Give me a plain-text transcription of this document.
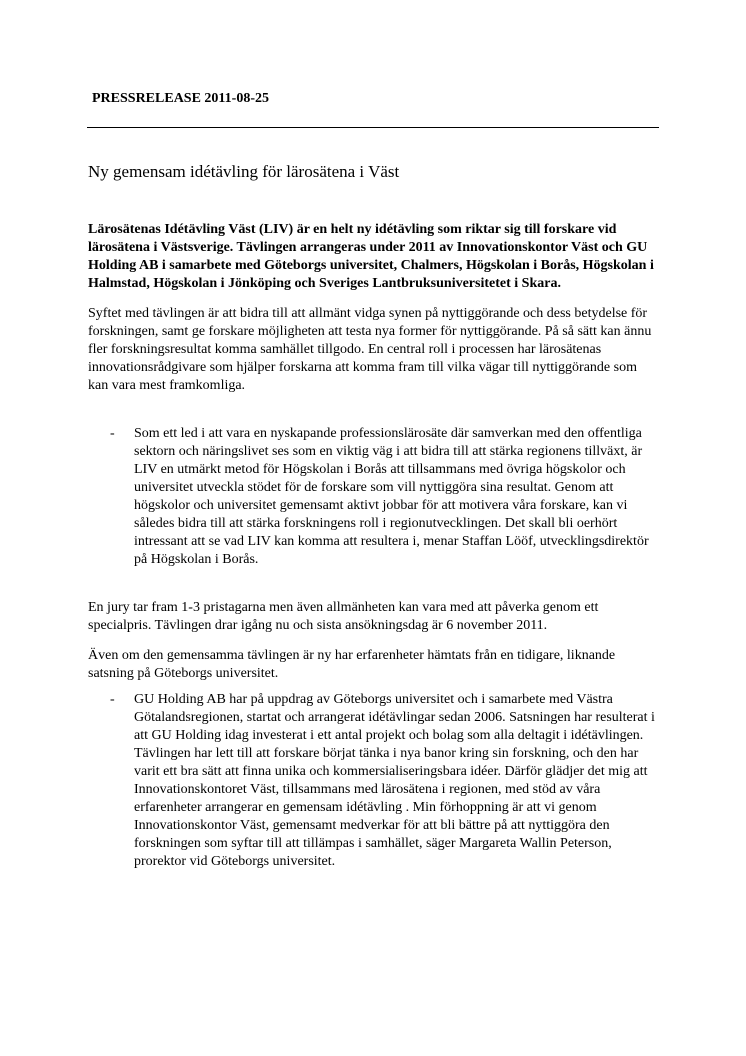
PRESSRELEASE 2011-08-25
Ny gemensam idétävling för lärosätena i Väst

Lärosätenas Idétävling Väst (LIV) är en helt ny idétävling som riktar sig till forskare vid lärosätena i Västsverige. Tävlingen arrangeras under 2011 av Innovationskontor Väst och GU Holding AB i samarbete med Göteborgs universitet, Chalmers, Högskolan i Borås, Högskolan i Halmstad, Högskolan i Jönköping och Sveriges Lantbruksuniversitetet i Skara.

Syftet med tävlingen är att bidra till att allmänt vidga synen på nyttiggörande och dess betydelse för forskningen, samt ge forskare möjligheten att testa nya former för nyttiggörande. På så sätt kan ännu fler forskningsresultat komma samhället tillgodo. En central roll i processen har lärosätenas innovationsrådgivare som hjälper forskarna att komma fram till vilka vägar till nyttiggörande som kan vara mest framkomliga.

- Som ett led i att vara en nyskapande professionslärosäte där samverkan med den offentliga sektorn och näringslivet ses som en viktig väg i att bidra till att stärka regionens tillväxt, är LIV en utmärkt metod för Högskolan i Borås att tillsammans med övriga högskolor och universitet utveckla stödet för de forskare som vill nyttiggöra sina resultat. Genom att högskolor och universitet gemensamt aktivt jobbar för att motivera våra forskare, kan vi således bidra till att stärka forskningens roll i regionutvecklingen. Det skall bli oerhört intressant att se vad LIV kan komma att resultera i, menar Staffan Lööf, utvecklingsdirektör på Högskolan i Borås.

En jury tar fram 1-3 pristagarna men även allmänheten kan vara med att påverka genom ett specialpris. Tävlingen drar igång nu och sista ansökningsdag är 6 november 2011.

Även om den gemensamma tävlingen är ny har erfarenheter hämtats från en tidigare, liknande satsning på Göteborgs universitet.

- GU Holding AB har på uppdrag av Göteborgs universitet och i samarbete med Västra Götalandsregionen, startat och arrangerat idétävlingar sedan 2006. Satsningen har resulterat i att GU Holding idag investerat i ett antal projekt och bolag som alla deltagit i idétävlingen. Tävlingen har lett till att forskare börjat tänka i nya banor kring sin forskning, och den har varit ett bra sätt att finna unika och kommersialiseringsbara idéer. Därför glädjer det mig att Innovationskontoret Väst, tillsammans med lärosätena i regionen, med stöd av våra erfarenheter arrangerar en gemensam idétävling . Min förhoppning är att vi genom Innovationskontor Väst, gemensamt medverkar för att bli bättre på att nyttiggöra den forskningen som syftar till att tillämpas i samhället, säger Margareta Wallin Peterson, prorektor vid Göteborgs universitet.
